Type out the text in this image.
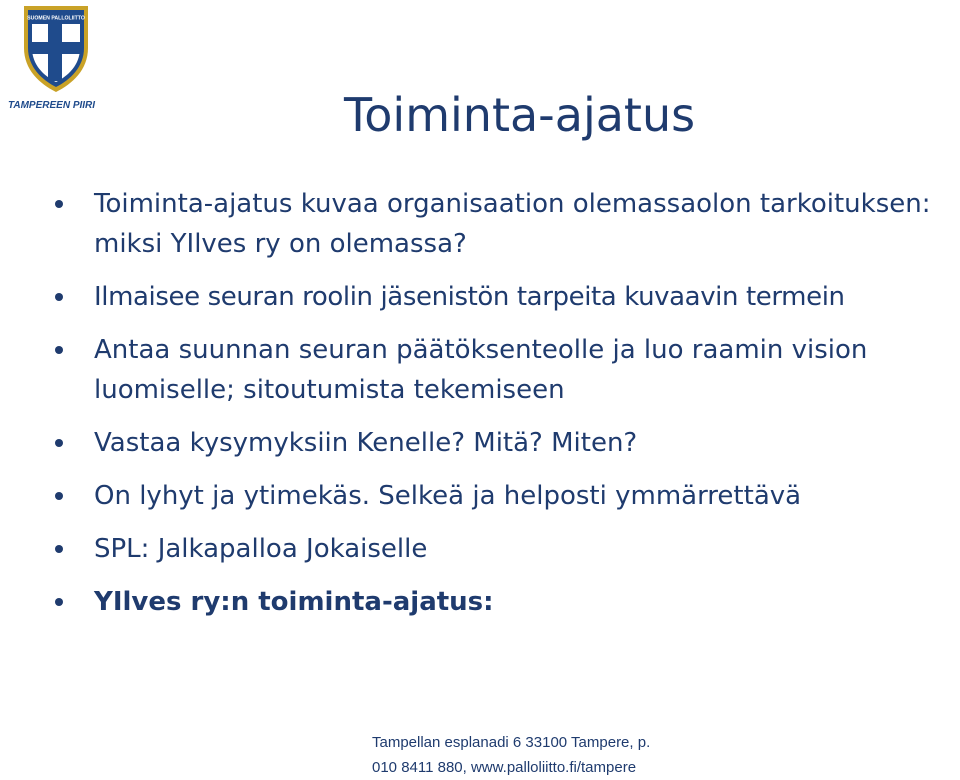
SUOMEN PALLOLIITTO
TAMPEREEN PIIRI	Toiminta-ajatus
Toiminta-ajatus kuvaa organisaation olemassaolon tarkoituksen: miksi YIlves ry on olemassa?
Ilmaisee seuran roolin jäsenistön tarpeita kuvaavin termein
Antaa suunnan seuran päätöksenteolle ja luo raamin vision luomiselle; sitoutumista tekemiseen
Vastaa kysymyksiin Kenelle? Mitä? Miten?
On lyhyt ja ytimekäs. Selkeä ja helposti ymmärrettävä
SPL: Jalkapalloa Jokaiselle
YIlves ry:n toiminta-ajatus:
Tampellan esplanadi 6 33100 Tampere, p.
010 8411 880, www.palloliitto.fi/tampere
